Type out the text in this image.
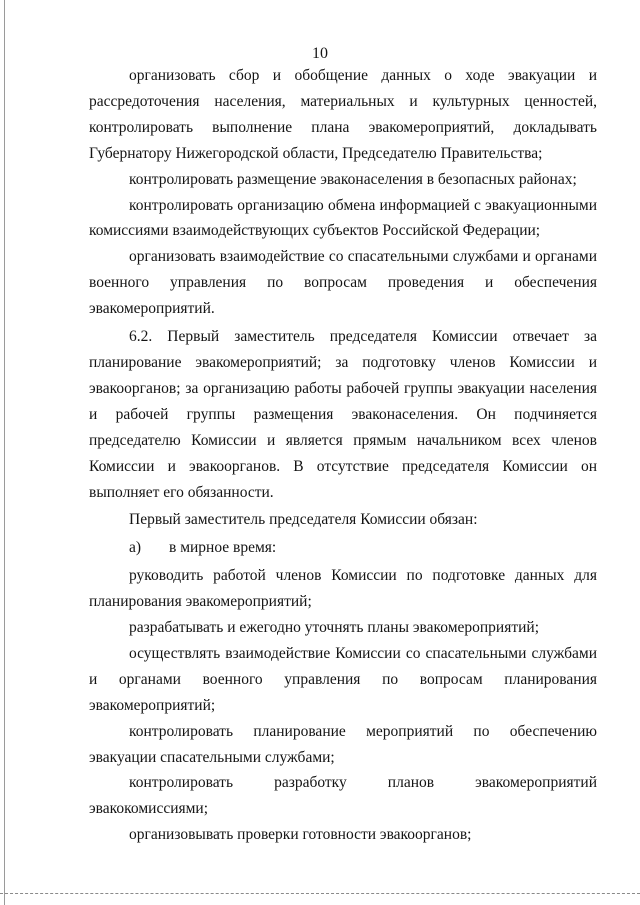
10

организовать сбор и обобщение данных о ходе эвакуации и рассредоточения населения, материальных и культурных ценностей, контролировать выполнение плана эвакомероприятий, докладывать Губернатору Нижегородской области, Председателю Правительства;

контролировать размещение эваконаселения в безопасных районах;

контролировать организацию обмена информацией с эвакуационными комиссиями взаимодействующих субъектов Российской Федерации;

организовать взаимодействие со спасательными службами и органами военного управления по вопросам проведения и обеспечения эвакомероприятий.

6.2. Первый заместитель председателя Комиссии отвечает за планирование эвакомероприятий; за подготовку членов Комиссии и эвакоорганов; за организацию работы рабочей группы эвакуации населения и рабочей группы размещения эваконаселения. Он подчиняется председателю Комиссии и является прямым начальником всех членов Комиссии и эвакоорганов. В отсутствие председателя Комиссии он выполняет его обязанности.

Первый заместитель председателя Комиссии обязан:

а) в мирное время:

руководить работой членов Комиссии по подготовке данных для планирования эвакомероприятий;

разрабатывать и ежегодно уточнять планы эвакомероприятий;

осуществлять взаимодействие Комиссии со спасательными службами и органами военного управления по вопросам планирования эвакомероприятий;

контролировать планирование мероприятий по обеспечению эвакуации спасательными службами;

контролировать разработку планов эвакомероприятий эвакокомиссиями;

организовывать проверки готовности эвакоорганов;
